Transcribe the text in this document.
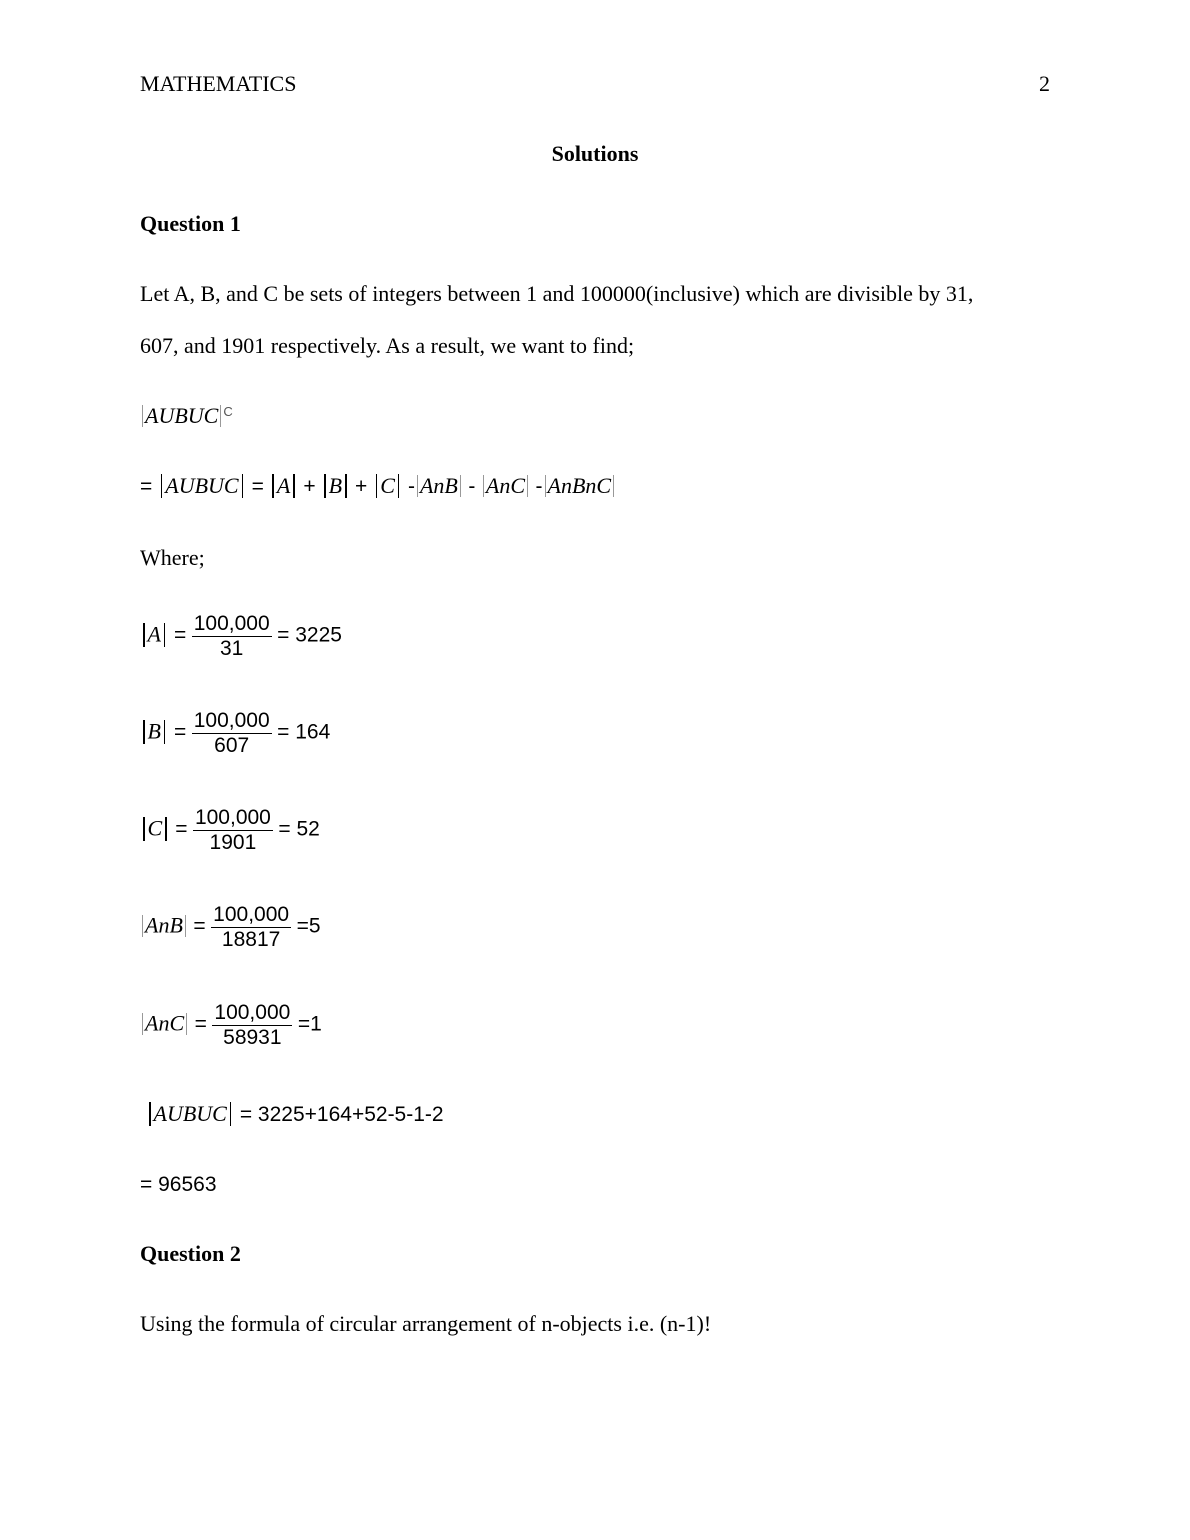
MATHEMATICS	2
Solutions
Question 1
Let A, B, and C be sets of integers between 1 and 100000(inclusive) which are divisible by 31,
607, and 1901 respectively. As a result, we want to find;
AUBUC $^C$
= AUBUC = A + B + C - AnB - AnC - AnBnC
Where;
$A = \frac{100,000}{31} = 3225$
$B = \frac{100,000}{607} = 164$
$C = \frac{100,000}{1901} = 52$
AnB = $\frac{100,000}{18817} =5$
AnC = $\frac{100,000}{58931} =1$
AUBUC = 3225+164+52-5-1-2
= 96563
Question 2
Using the formula of circular arrangement of n-objects i.e. (n-1)!
